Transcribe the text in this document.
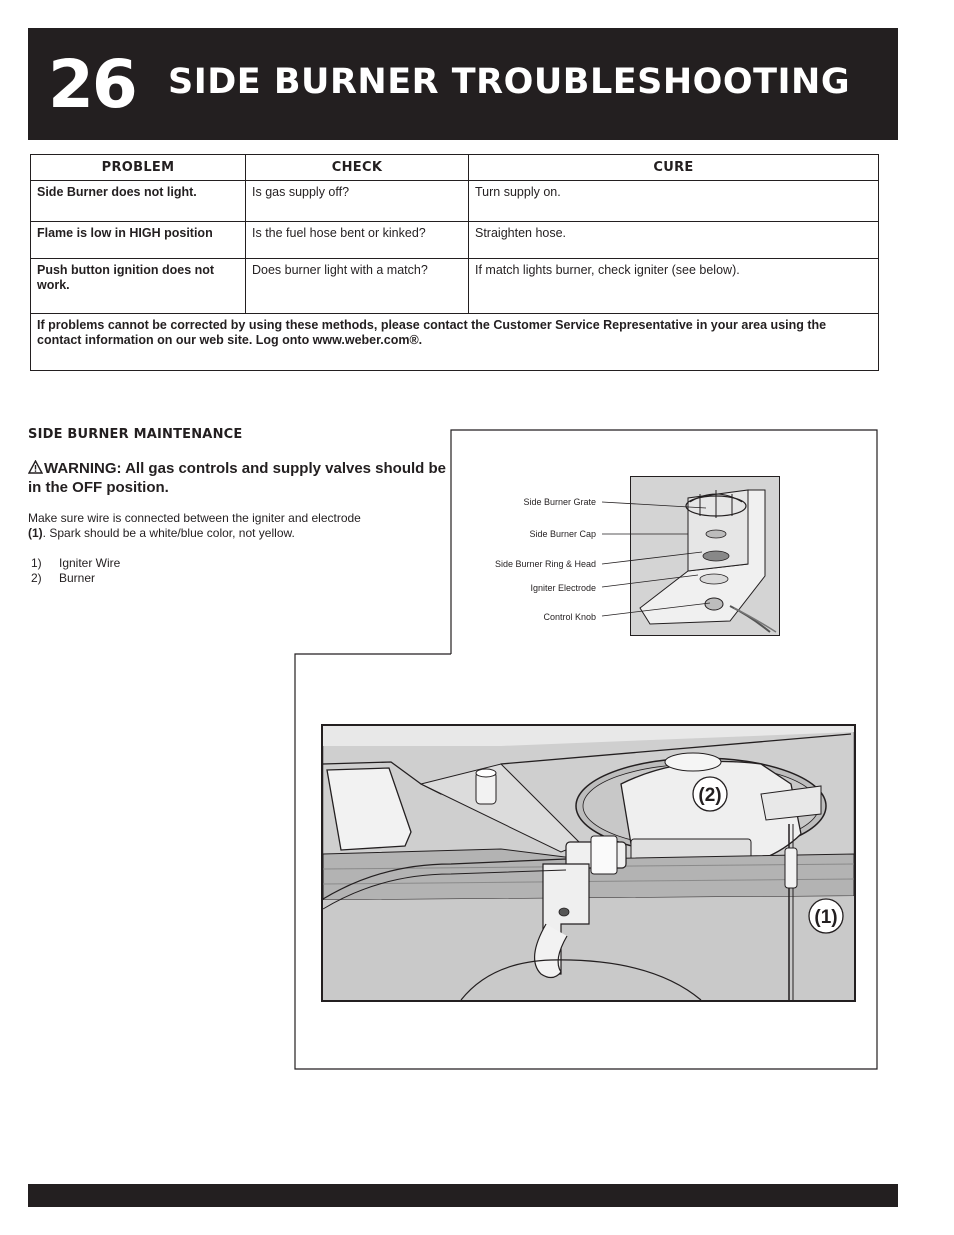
26 SIDE BURNER TROUBLESHOOTING
PROBLEM	CHECK	CURE
Side Burner does not light.	Is gas supply off?	Turn supply on.
Flame is low in HIGH position	Is the fuel hose bent or kinked?	Straighten hose.
Push button ignition does not work.	Does burner light with a match?	If match lights burner, check igniter (see below).
If problems cannot be corrected by using these methods, please contact the Customer Service Representative in your area using the contact information on our web site. Log onto www.weber.com®.		
SIDE BURNER MAINTENANCE
WARNING: All gas controls and supply valves should be in the OFF position.
Make sure wire is connected between the igniter and electrode
(1). Spark should be a white/blue color, not yellow.
1)	Igniter Wire
2)	Burner
Side Burner Grate
Side Burner Cap
Side Burner Ring & Head
Igniter Electrode
Control Knob
(2)
(1)
